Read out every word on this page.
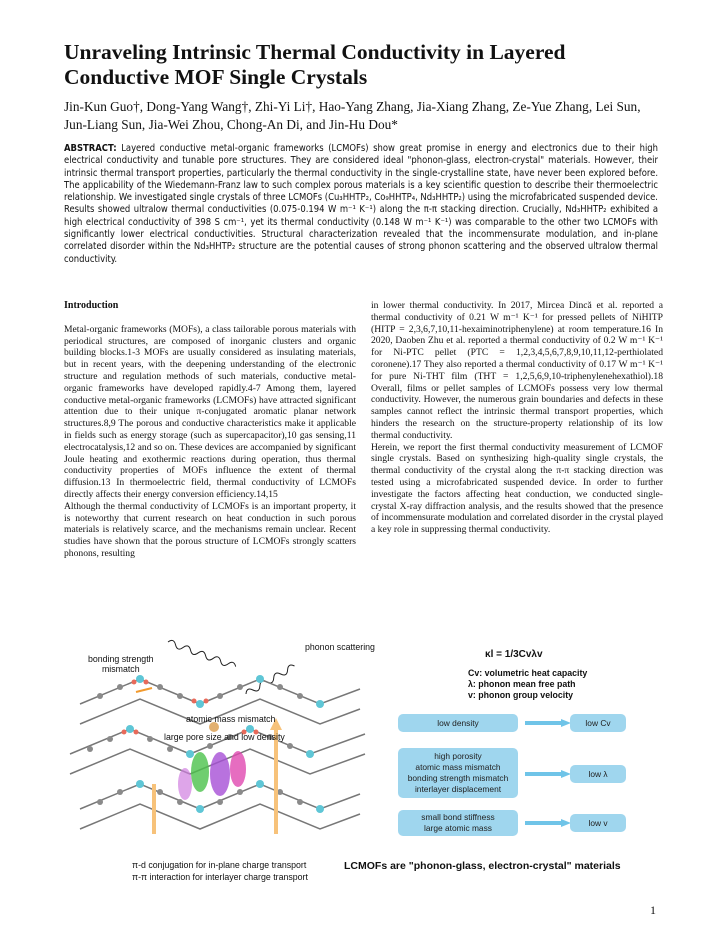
Unraveling Intrinsic Thermal Conductivity in Layered Conductive MOF Single Crystals
Jin-Kun Guo†, Dong-Yang Wang†, Zhi-Yi Li†, Hao-Yang Zhang, Jia-Xiang Zhang, Ze-Yue Zhang, Lei Sun, Jun-Liang Sun, Jia-Wei Zhou, Chong-An Di, and Jin-Hu Dou*
ABSTRACT: Layered conductive metal-organic frameworks (LCMOFs) show great promise in energy and electronics due to their high electrical conductivity and tunable pore structures. They are considered ideal "phonon-glass, electron-crystal" materials. However, their intrinsic thermal transport properties, particularly the thermal conductivity in the single-crystalline state, have never been explored before. The applicability of the Wiedemann-Franz law to such complex porous materials is a key scientific question to describe their thermoelectric relationship. We investigated single crystals of three LCMOFs (Cu₃HHTP₂, Co₉HHTP₄, Nd₃HHTP₂) using the microfabricated suspended device. Results showed ultralow thermal conductivities (0.075-0.194 W m⁻¹ K⁻¹) along the π-π stacking direction. Crucially, Nd₃HHTP₂ exhibited a high electrical conductivity of 398 S cm⁻¹, yet its thermal conductivity (0.148 W m⁻¹ K⁻¹) was comparable to the other two LCMOFs with significantly lower electrical conductivities. Structural characterization revealed that the incommensurate modulation, and in-plane correlated disorder within the Nd₃HHTP₂ structure are the potential causes of strong phonon scattering and the observed ultralow thermal conductivity.
Introduction

Metal-organic frameworks (MOFs), a class tailorable porous materials with periodical structures, are composed of inorganic clusters and organic building blocks.1-3 MOFs are usually considered as insulating materials, but in recent years, with the deepening understanding of the electronic structure and regulation methods of such materials, conductive metal-organic frameworks have developed rapidly.4-7 Among them, layered conductive metal-organic frameworks (LCMOFs) have attracted significant attention due to their unique π-conjugated aromatic planar network structures.8,9 The porous and conductive characteristics make it applicable in fields such as energy storage (such as supercapacitor),10 gas sensing,11 electrocatalysis,12 and so on. These devices are accompanied by significant Joule heating and exothermic reactions during operation, thus thermal conductivity properties of MOFs influence the extent of thermal diffusion.13 In thermoelectric field, thermal conductivity of LCMOFs directly affects their energy conversion efficiency.14,15

Although the thermal conductivity of LCMOFs is an important property, it is noteworthy that current research on heat conduction in such porous materials is relatively scarce, and the mechanisms remain unclear. Recent studies have shown that the porous structure of LCMOFs strongly scatters phonons, resulting

in lower thermal conductivity. In 2017, Mircea Dincă et al. reported a thermal conductivity of 0.21 W m⁻¹ K⁻¹ for pressed pellets of NiHITP (HITP = 2,3,6,7,10,11-hexaiminotriphenylene) at room temperature.16 In 2020, Daoben Zhu et al. reported a thermal conductivity of 0.2 W m⁻¹ K⁻¹ for Ni-PTC pellet (PTC = 1,2,3,4,5,6,7,8,9,10,11,12-perthiolated coronene).17 They also reported a thermal conductivity of 0.17 W m⁻¹ K⁻¹ for pure Ni-THT film (THT = 1,2,5,6,9,10-triphenylenehexathiol).18 Overall, films or pellet samples of LCMOFs possess very low thermal conductivity. However, the numerous grain boundaries and defects in these samples cannot reflect the intrinsic thermal transport properties, which hinders the research on the structure-property relationship of its low thermal conductivity.

Herein, we report the first thermal conductivity measurement of LCMOF single crystals. Based on synthesizing high-quality single crystals, the thermal conductivity of the crystal along the π-π stacking direction was tested using a microfabricated suspended device. In order to further investigate the factors affecting heat conduction, we conducted single-crystal X-ray diffraction analysis, and the results showed that the presence of incommensurate modulation and correlated disorder in the crystal played a key role in suppressing thermal conductivity.

bonding strength
mismatch
phonon scattering
atomic mass mismatch
large pore size and low density
π-d conjugation for in-plane charge transport
π-π interaction for interlayer charge transport
κl = 1/3Cvλv
Cv: volumetric heat capacity
λ: phonon mean free path
v: phonon group velocity
low density	low Cv
high porosity
atomic mass mismatch
bonding strength mismatch
interlayer displacement
low λ
small bond stiffness
large atomic mass
low v
LCMOFs are "phonon-glass, electron-crystal" materials
1
